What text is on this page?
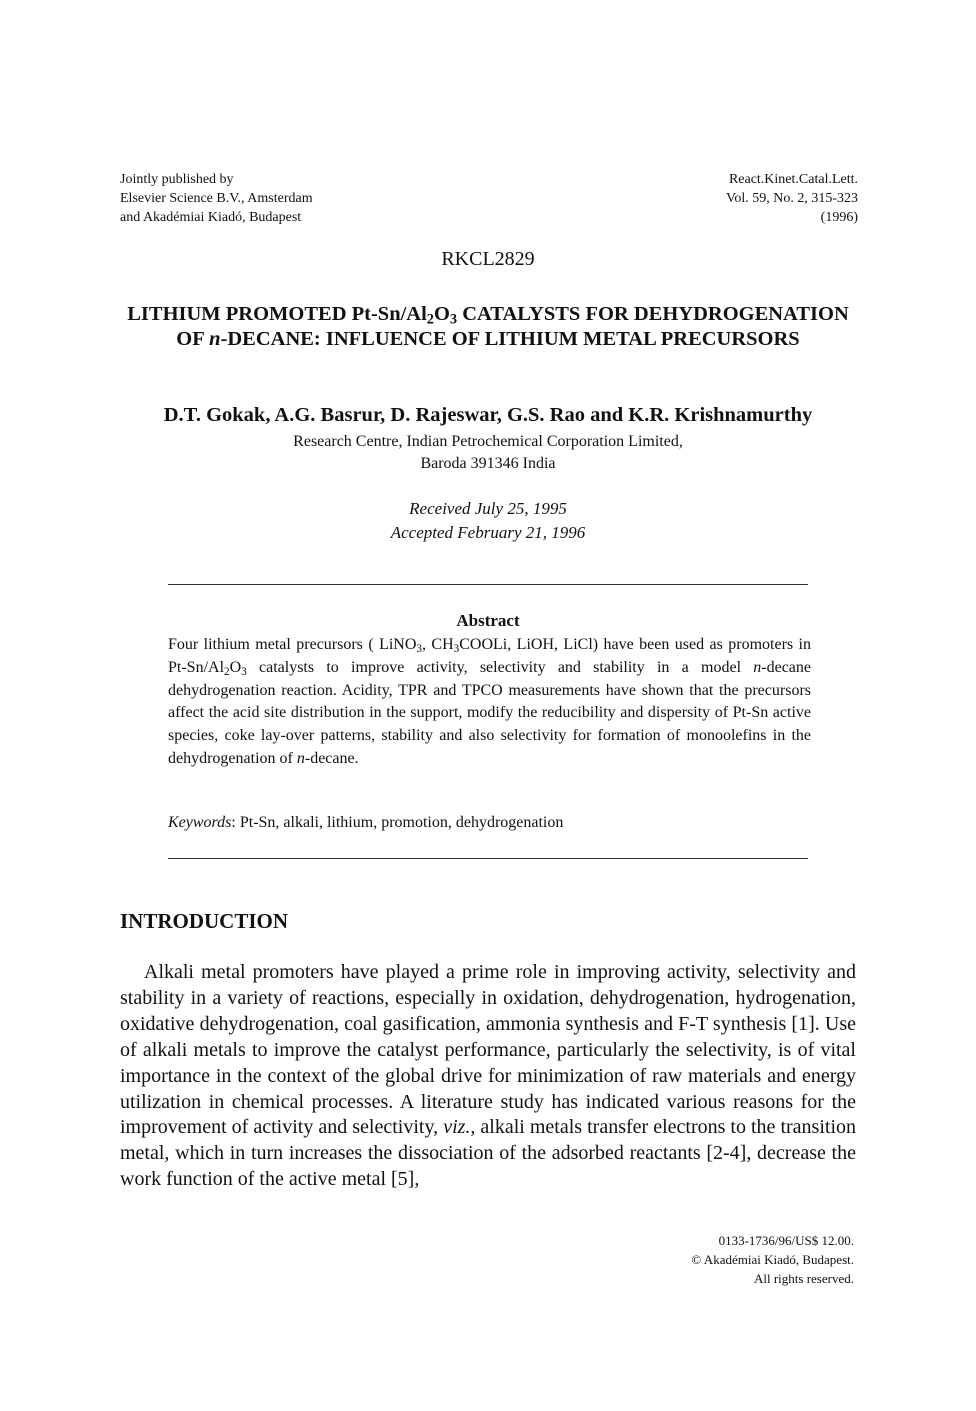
Jointly published by
Elsevier Science B.V., Amsterdam
and Akadémiai Kiadó, Budapest
React.Kinet.Catal.Lett.
Vol. 59, No. 2, 315-323
(1996)
RKCL2829
LITHIUM PROMOTED $Pt-Sn/Al_2O_3$ CATALYSTS FOR DEHYDROGENATION OF n-DECANE: INFLUENCE OF LITHIUM METAL PRECURSORS
D.T. Gokak, A.G. Basrur, D. Rajeswar, G.S. Rao and K.R. Krishnamurthy
Research Centre, Indian Petrochemical Corporation Limited,
Baroda 391346 India
Received July 25, 1995
Accepted February 21, 1996
Abstract
Four lithium metal precursors ( LiNO3, CH3COOLi, LiOH, LiCl) have been used as promoters in Pt-Sn/Al2O3 catalysts to improve activity, selectivity and stability in a model n-decane dehydrogenation reaction. Acidity, TPR and TPCO measurements have shown that the precursors affect the acid site distribution in the support, modify the reducibility and dispersity of Pt-Sn active species, coke lay-over patterns, stability and also selectivity for formation of monoolefins in the dehydrogenation of n-decane.
Keywords: Pt-Sn, alkali, lithium, promotion, dehydrogenation
INTRODUCTION
Alkali metal promoters have played a prime role in improving activity, selectivity and stability in a variety of reactions, especially in oxidation, dehydrogenation, hydrogenation, oxidative dehydrogenation, coal gasification, ammonia synthesis and F-T synthesis [1]. Use of alkali metals to improve the catalyst performance, particularly the selectivity, is of vital importance in the context of the global drive for minimization of raw materials and energy utilization in chemical processes. A literature study has indicated various reasons for the improvement of activity and selectivity, viz., alkali metals transfer electrons to the transition metal, which in turn increases the dissociation of the adsorbed reactants [2-4], decrease the work function of the active metal [5],
0133-1736/96/US$ 12.00.
© Akadémiai Kiadó, Budapest.
All rights reserved.
